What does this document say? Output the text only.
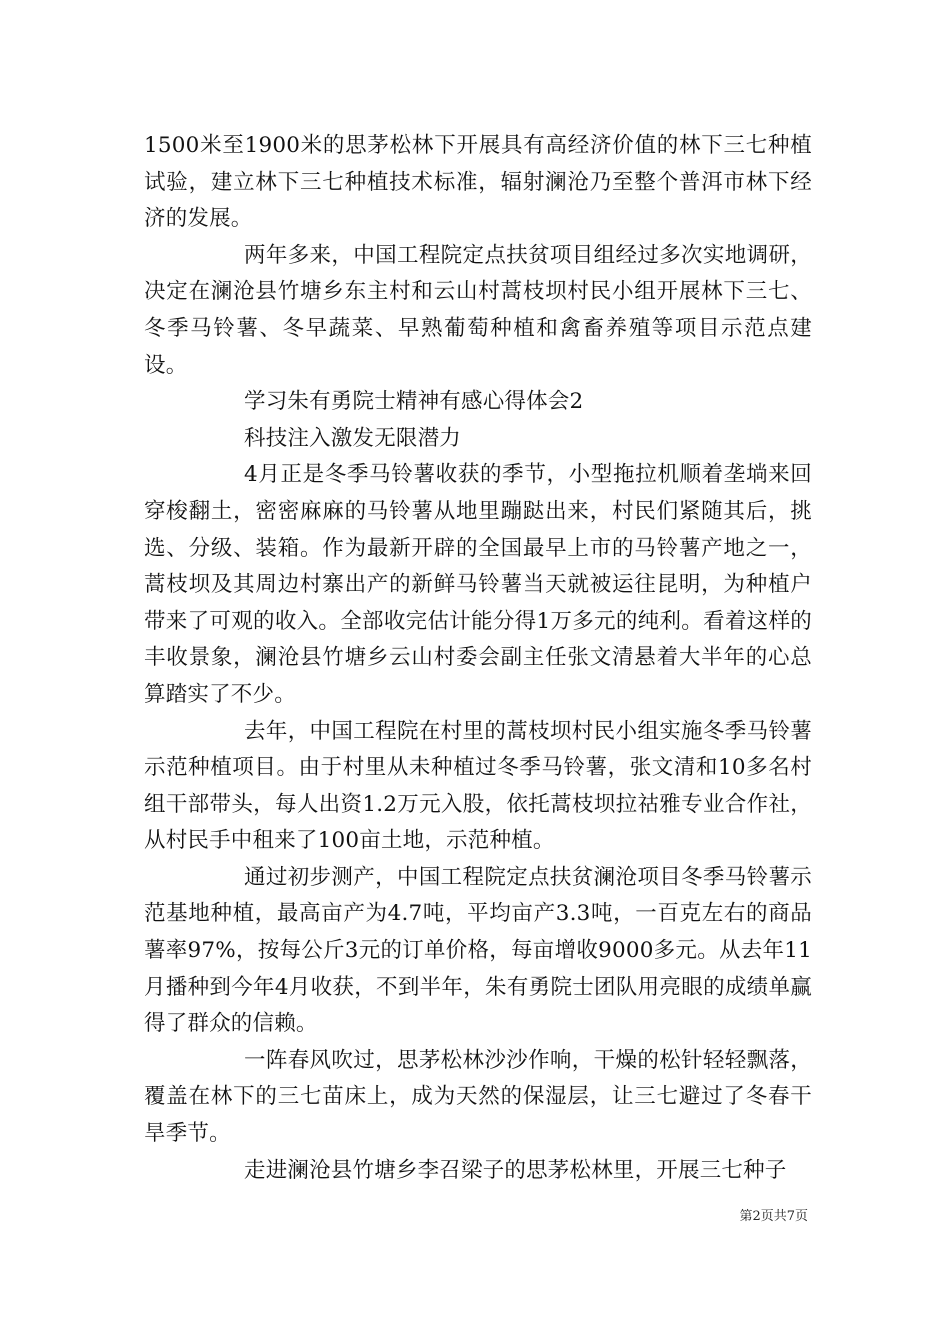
1500米至1900米的思茅松林下开展具有高经济价值的林下三七种植试验，建立林下三七种植技术标准，辐射澜沧乃至整个普洱市林下经济的发展。

两年多来，中国工程院定点扶贫项目组经过多次实地调研，决定在澜沧县竹塘乡东主村和云山村蒿枝坝村民小组开展林下三七、冬季马铃薯、冬早蔬菜、早熟葡萄种植和禽畜养殖等项目示范点建设。

学习朱有勇院士精神有感心得体会2

科技注入激发无限潜力

4月正是冬季马铃薯收获的季节，小型拖拉机顺着垄埫来回穿梭翻土，密密麻麻的马铃薯从地里蹦跶出来，村民们紧随其后，挑选、分级、装箱。作为最新开辟的全国最早上市的马铃薯产地之一，蒿枝坝及其周边村寨出产的新鲜马铃薯当天就被运往昆明，为种植户带来了可观的收入。全部收完估计能分得1万多元的纯利。看着这样的丰收景象，澜沧县竹塘乡云山村委会副主任张文清悬着大半年的心总算踏实了不少。

去年，中国工程院在村里的蒿枝坝村民小组实施冬季马铃薯示范种植项目。由于村里从未种植过冬季马铃薯，张文清和10多名村组干部带头，每人出资1.2万元入股，依托蒿枝坝拉祜雅专业合作社，从村民手中租来了100亩土地，示范种植。

通过初步测产，中国工程院定点扶贫澜沧项目冬季马铃薯示范基地种植，最高亩产为4.7吨，平均亩产3.3吨，一百克左右的商品薯率97%，按每公斤3元的订单价格，每亩增收9000多元。从去年11月播种到今年4月收获，不到半年，朱有勇院士团队用亮眼的成绩单赢得了群众的信赖。

一阵春风吹过，思茅松林沙沙作响，干燥的松针轻轻飘落，覆盖在林下的三七苗床上，成为天然的保湿层，让三七避过了冬春干旱季节。

走进澜沧县竹塘乡李召梁子的思茅松林里，开展三七种子

第2页共7页
